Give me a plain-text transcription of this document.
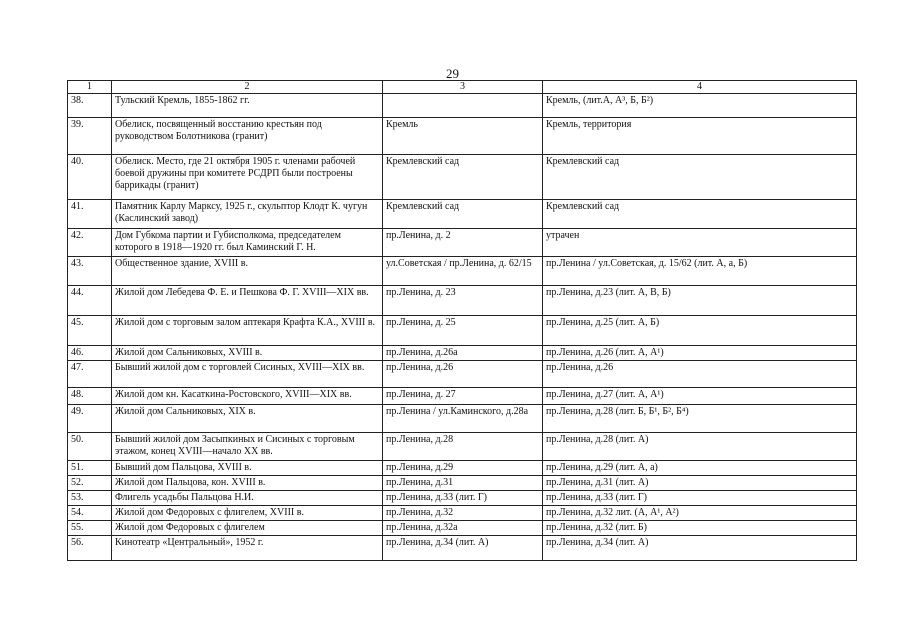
29
1	2	3	4
38.	Тульский Кремль, 1855-1862 гг.		Кремль, (лит.А, А³, Б, Б²)
39.	Обелиск, посвященный восстанию крестьян под руководством Болотникова (гранит)	Кремль	Кремль, территория
40.	Обелиск. Место, где 21 октября 1905 г. членами рабочей боевой дружины при комитете РСДРП были построены баррикады (гранит)	Кремлевский сад	Кремлевский сад
41.	Памятник Карлу Марксу, 1925 г., скульптор Клодт К. чугун (Каслинский завод)	Кремлевский сад	Кремлевский сад
42.	Дом Губкома партии и Губисполкома, председателем которого в 1918—1920 гг. был Каминский Г. Н.	пр.Ленина, д. 2	утрачен
43.	Общественное здание, XVIII в.	ул.Советская / пр.Ленина, д. 62/15	пр.Ленина / ул.Советская, д. 15/62 (лит. А, а, Б)
44.	Жилой дом Лебедева Ф. Е. и Пешкова Ф. Г. XVIII—XIX вв.	пр.Ленина, д. 23	пр.Ленина, д.23 (лит. А, В, Б)
45.	Жилой дом с торговым залом аптекаря Крафта К.А., XVIII в.	пр.Ленина, д. 25	пр.Ленина, д.25 (лит. А, Б)
46.	Жилой дом Сальниковых, XVIII в.	пр.Ленина, д.26а	пр.Ленина, д.26 (лит. А, А¹)
47.	Бывший жилой дом с торговлей Сисиных, XVIII—XIX вв.	пр.Ленина, д.26	пр.Ленина, д.26
48.	Жилой дом кн. Касаткина-Ростовского, XVIII—XIX вв.	пр.Ленина, д. 27	пр.Ленина, д.27 (лит. А, А¹)
49.	Жилой дом Сальниковых, XIX в.	пр.Ленина / ул.Каминского, д.28а	пр.Ленина, д.28 (лит. Б, Б¹, Б², Б⁴)
50.	Бывший жилой дом Засыпкиных и Сисиных с торговым этажом, конец XVIII—начало XX вв.	пр.Ленина, д.28	пр.Ленина, д.28 (лит. А)
51.	Бывший дом Пальцова, XVIII в.	пр.Ленина, д.29	пр.Ленина, д.29 (лит. А, а)
52.	Жилой дом Пальцова, кон. XVIII в.	пр.Ленина, д.31	пр.Ленина, д.31 (лит. А)
53.	Флигель усадьбы Пальцова Н.И.	пр.Ленина, д.33 (лит. Г)	пр.Ленина, д.33 (лит. Г)
54.	Жилой дом Федоровых с флигелем, XVIII в.	пр.Ленина, д.32	пр.Ленина, д.32 лит. (А, А¹, А²)
55.	Жилой дом Федоровых с флигелем	пр.Ленина, д.32а	пр.Ленина, д.32 (лит. Б)
56.	Кинотеатр «Центральный», 1952 г.	пр.Ленина, д.34 (лит. А)	пр.Ленина, д.34 (лит. А)
